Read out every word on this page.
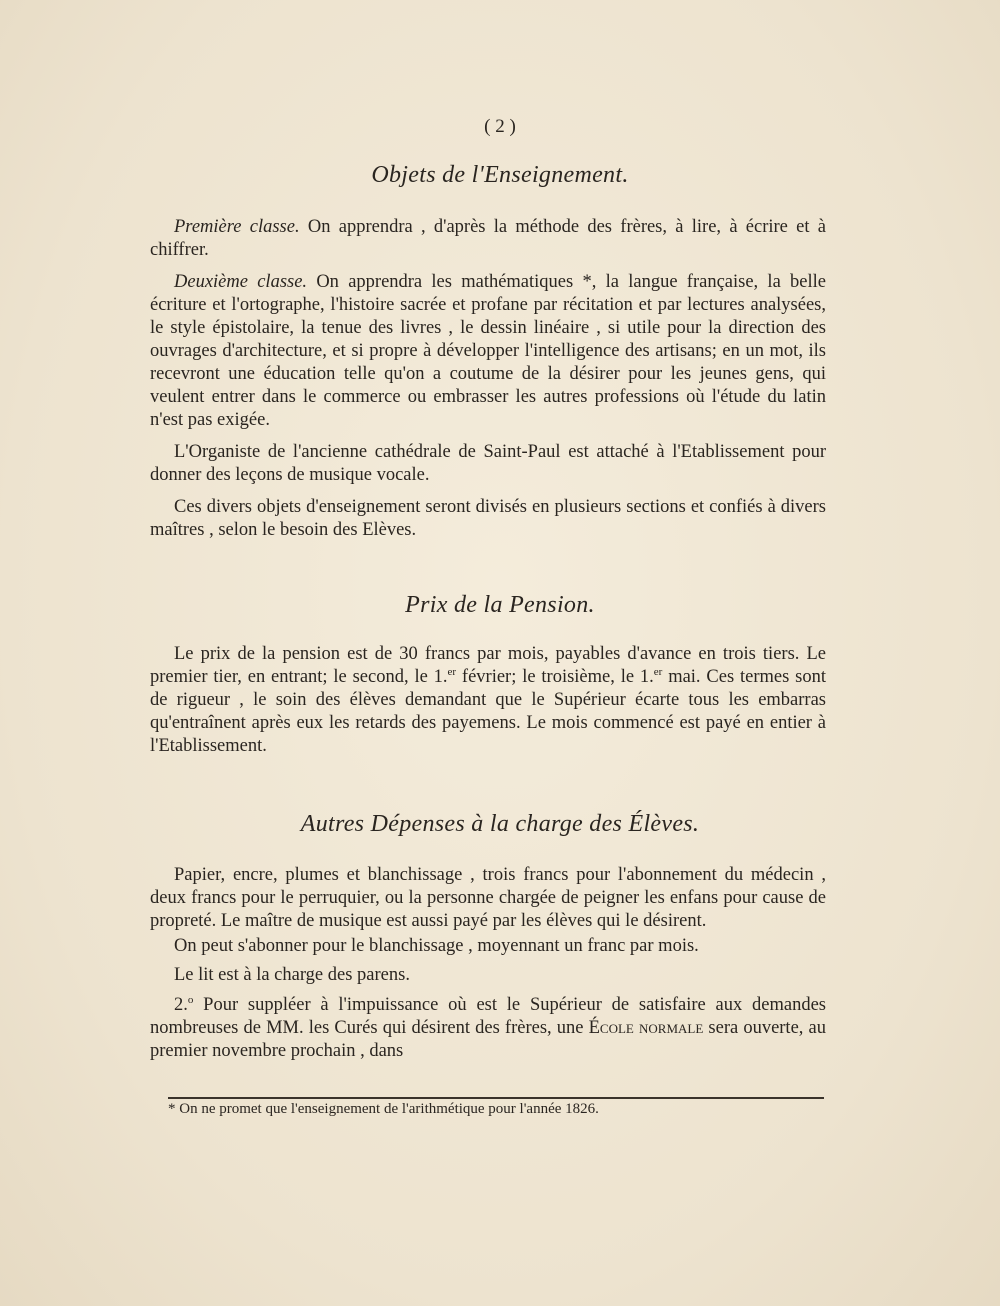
( 2 )
Objets de l'Enseignement.

Première classe. On apprendra , d'après la méthode des frères, à lire, à écrire et à chiffrer.

Deuxième classe. On apprendra les mathématiques *, la langue française, la belle écriture et l'ortographe, l'histoire sacrée et profane par récitation et par lectures analysées, le style épistolaire, la tenue des livres , le dessin linéaire , si utile pour la direction des ouvrages d'architecture, et si propre à développer l'intelligence des artisans; en un mot, ils recevront une éducation telle qu'on a coutume de la désirer pour les jeunes gens, qui veulent entrer dans le commerce ou embrasser les autres professions où l'étude du latin n'est pas exigée.

L'Organiste de l'ancienne cathédrale de Saint-Paul est attaché à l'Etablissement pour donner des leçons de musique vocale.

Ces divers objets d'enseignement seront divisés en plusieurs sections et confiés à divers maîtres , selon le besoin des Elèves.

Prix de la Pension.

Le prix de la pension est de 30 francs par mois, payables d'avance en trois tiers. Le premier tier, en entrant; le second, le 1.$^{er}$ février; le troisième, le 1.$^{er}$ mai. Ces termes sont de rigueur , le soin des élèves demandant que le Supérieur écarte tous les embarras qu'entraînent après eux les retards des payemens. Le mois commencé est payé en entier à l'Etablissement.

Autres Dépenses à la charge des Élèves.

Papier, encre, plumes et blanchissage , trois francs pour l'abonnement du médecin , deux francs pour le perruquier, ou la personne chargée de peigner les enfans pour cause de propreté. Le maître de musique est aussi payé par les élèves qui le désirent.

On peut s'abonner pour le blanchissage , moyennant un franc par mois.

Le lit est à la charge des parens.

2.$^o$ Pour suppléer à l'impuissance où est le Supérieur de satisfaire aux demandes nombreuses de MM. les Curés qui désirent des frères, une École normale sera ouverte, au premier novembre prochain , dans

* On ne promet que l'enseignement de l'arithmétique pour l'année 1826.
